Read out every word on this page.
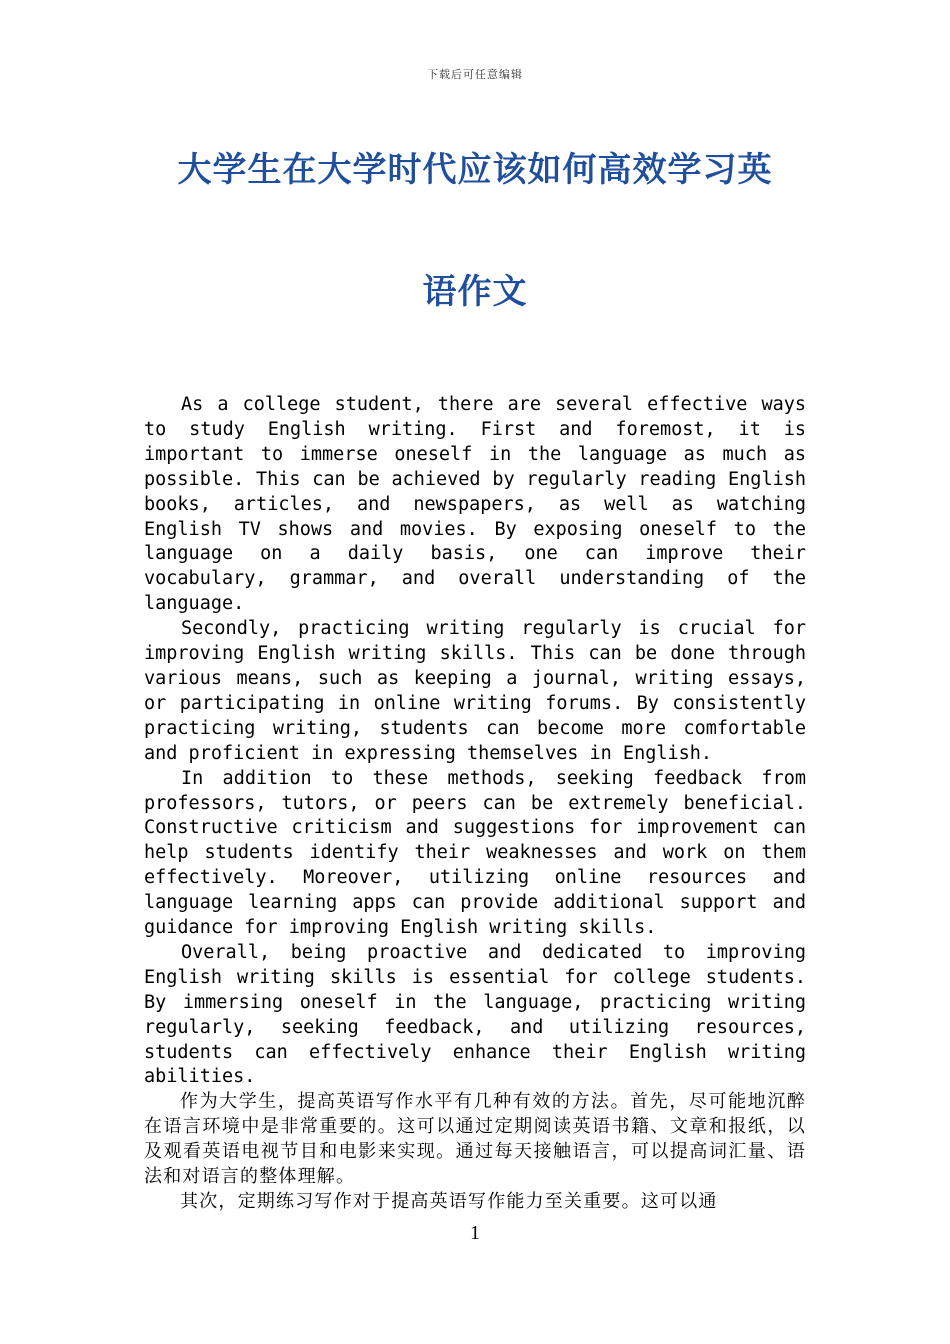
下载后可任意编辑
大学生在大学时代应该如何高效学习英
语作文

As a college student, there are several effective ways to study English writing. First and foremost, it is important to immerse oneself in the language as much as possible. This can be achieved by regularly reading English books, articles, and newspapers, as well as watching English TV shows and movies. By exposing oneself to the language on a daily basis, one can improve their vocabulary, grammar, and overall understanding of the language.

Secondly, practicing writing regularly is crucial for improving English writing skills. This can be done through various means, such as keeping a journal, writing essays, or participating in online writing forums. By consistently practicing writing, students can become more comfortable and proficient in expressing themselves in English.

In addition to these methods, seeking feedback from professors, tutors, or peers can be extremely beneficial. Constructive criticism and suggestions for improvement can help students identify their weaknesses and work on them effectively. Moreover, utilizing online resources and language learning apps can provide additional support and guidance for improving English writing skills.

Overall, being proactive and dedicated to improving English writing skills is essential for college students. By immersing oneself in the language, practicing writing regularly, seeking feedback, and utilizing resources, students can effectively enhance their English writing abilities.

作为大学生，提高英语写作水平有几种有效的方法。首先，尽可能地沉醉在语言环境中是非常重要的。这可以通过定期阅读英语书籍、文章和报纸，以及观看英语电视节目和电影来实现。通过每天接触语言，可以提高词汇量、语法和对语言的整体理解。

其次，定期练习写作对于提高英语写作能力至关重要。这可以通

1
